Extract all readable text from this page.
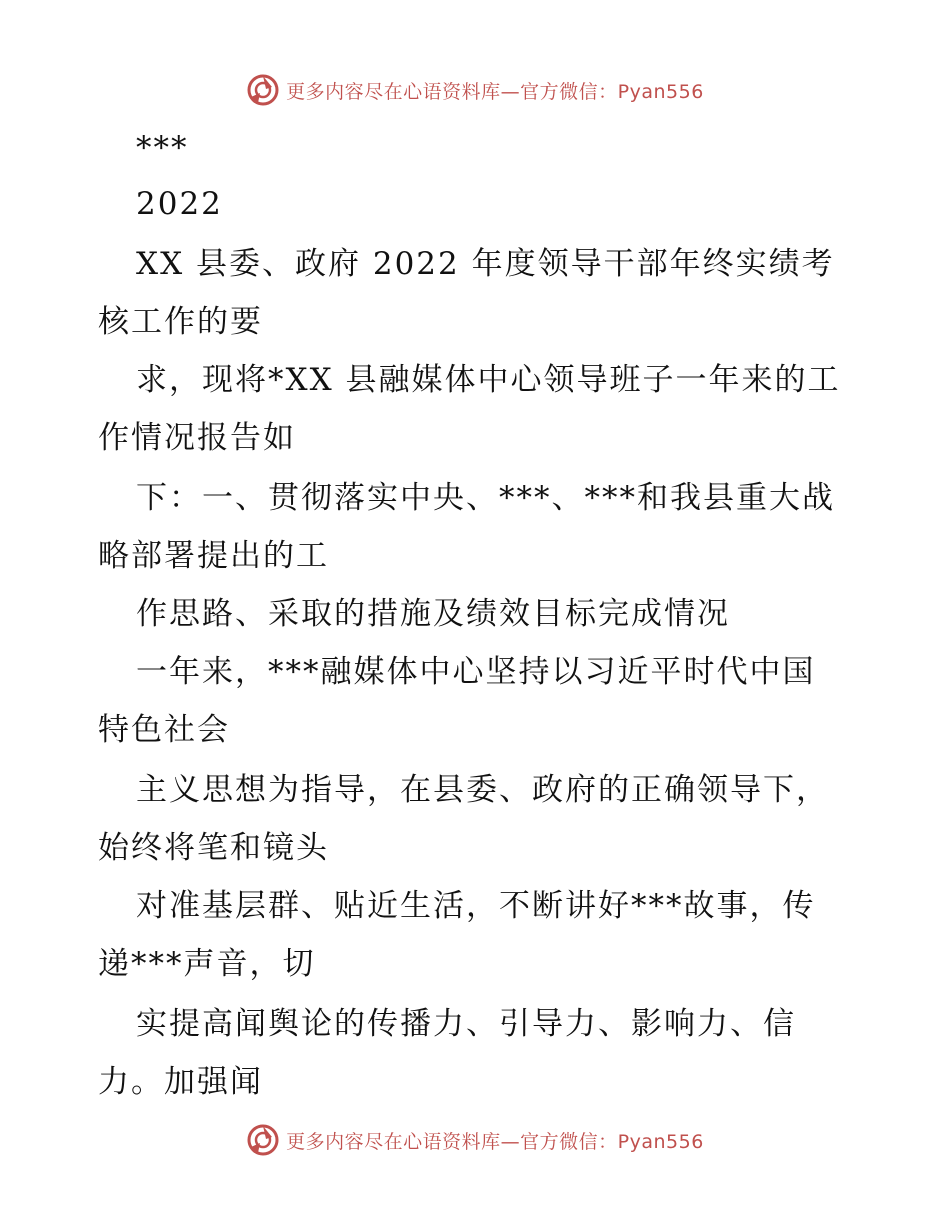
更多内容尽在心语资料库—官方微信：Pyan556
***
2022
XX 县委、政府 2022 年度领导干部年终实绩考
核工作的要
求，现将*XX 县融媒体中心领导班子一年来的工
作情况报告如
下：一、贯彻落实中央、***、***和我县重大战
略部署提出的工
作思路、采取的措施及绩效目标完成情况
一年来，***融媒体中心坚持以习近平时代中国
特色社会
主义思想为指导，在县委、政府的正确领导下，
始终将笔和镜头
对准基层群、贴近生活，不断讲好***故事，传
递***声音，切
实提高闻舆论的传播力、引导力、影响力、信
力。加强闻
更多内容尽在心语资料库—官方微信：Pyan556
